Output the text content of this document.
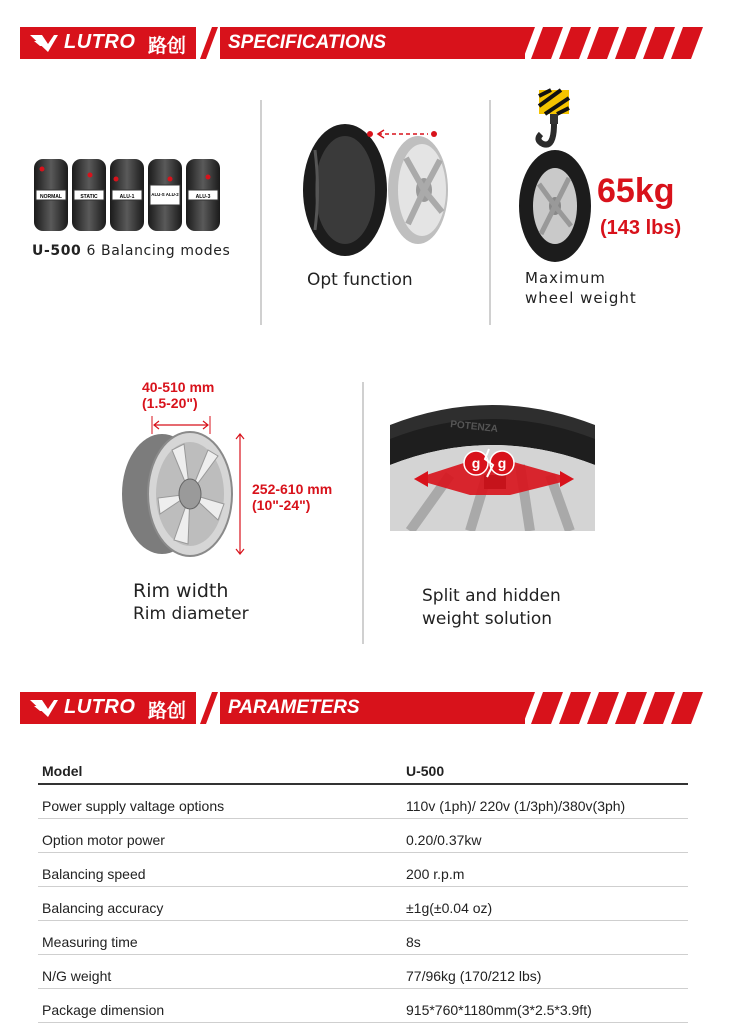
LUTRO 路创 SPECIFICATIONS
NORMAL	STATIC	ALU-1	ALU-S ALU-2	ALU-3
U-500 6 Balancing modes
Opt function
65kg
(143 lbs)
Maximum
wheel weight
40-510 mm
(1.5-20")
252-610 mm
(10"-24")
Rim width
Rim diameter
POTENZA
g g
Split and hidden
weight solution
LUTRO 路创 PARAMETERS
Model	U-500
Power supply valtage options	110v (1ph)/ 220v (1/3ph)/380v(3ph)
Option motor power	0.20/0.37kw
Balancing speed	200 r.p.m
Balancing accuracy	±1g(±0.04 oz)
Measuring time	8s
N/G weight	77/96kg (170/212 lbs)
Package dimension	915*760*1180mm(3*2.5*3.9ft)
